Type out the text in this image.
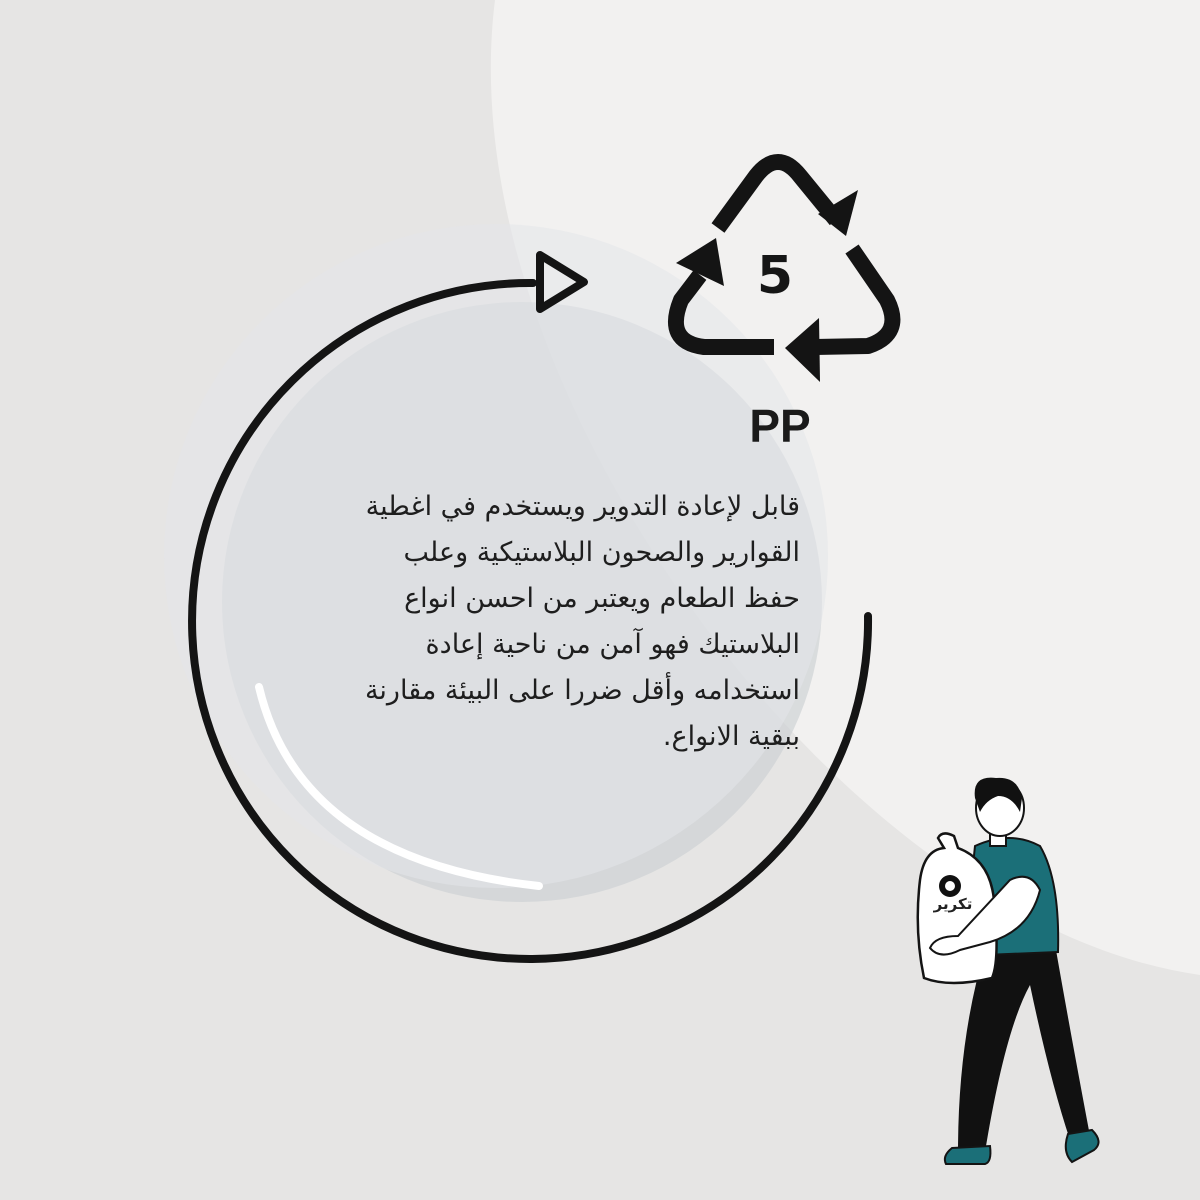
5
PP
قابل لإعادة التدوير ويستخدم في اغطية
القوارير والصحون البلاستيكية وعلب
حفظ الطعام ويعتبر من احسن انواع
البلاستيك فهو آمن من ناحية إعادة
استخدامه وأقل ضررا على البيئة مقارنة
ببقية الانواع.
تكرير
